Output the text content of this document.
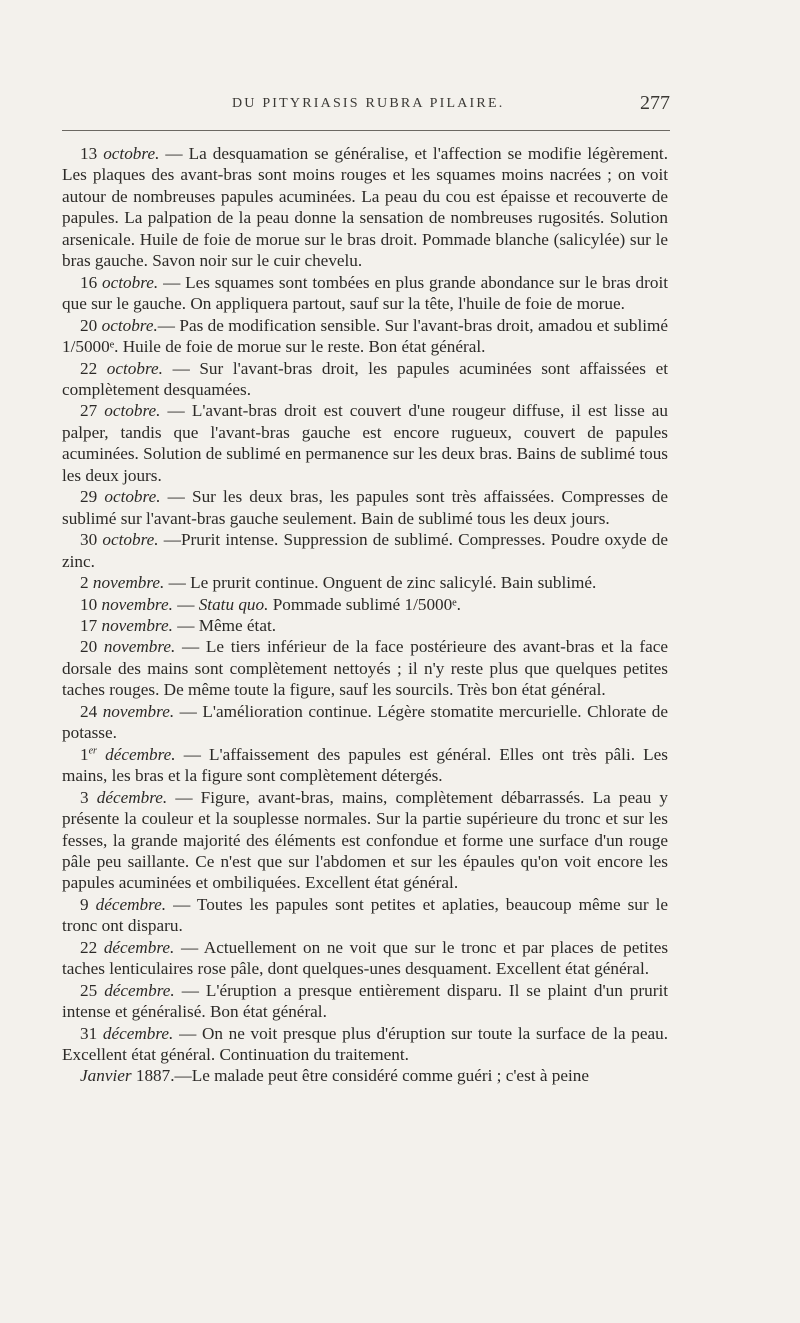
DU PITYRIASIS RUBRA PILAIRE.	277

13 octobre. — La desquamation se généralise, et l'affection se modifie légèrement. Les plaques des avant-bras sont moins rouges et les squames moins nacrées ; on voit autour de nombreuses papules acuminées. La peau du cou est épaisse et recouverte de papules. La palpation de la peau donne la sensation de nombreuses rugosités. Solution arsenicale. Huile de foie de morue sur le bras droit. Pommade blanche (salicylée) sur le bras gauche. Savon noir sur le cuir chevelu.

16 octobre. — Les squames sont tombées en plus grande abondance sur le bras droit que sur le gauche. On appliquera partout, sauf sur la tête, l'huile de foie de morue.

20 octobre.— Pas de modification sensible. Sur l'avant-bras droit, amadou et sublimé 1/5000ᵉ. Huile de foie de morue sur le reste. Bon état général.

22 octobre. — Sur l'avant-bras droit, les papules acuminées sont affaissées et complètement desquamées.

27 octobre. — L'avant-bras droit est couvert d'une rougeur diffuse, il est lisse au palper, tandis que l'avant-bras gauche est encore rugueux, couvert de papules acuminées. Solution de sublimé en permanence sur les deux bras. Bains de sublimé tous les deux jours.

29 octobre. — Sur les deux bras, les papules sont très affaissées. Compresses de sublimé sur l'avant-bras gauche seulement. Bain de sublimé tous les deux jours.

30 octobre. —Prurit intense. Suppression de sublimé. Compresses. Poudre oxyde de zinc.

2 novembre. — Le prurit continue. Onguent de zinc salicylé. Bain sublimé.

10 novembre. — Statu quo. Pommade sublimé 1/5000ᵉ.

17 novembre. — Même état.

20 novembre. — Le tiers inférieur de la face postérieure des avant-bras et la face dorsale des mains sont complètement nettoyés ; il n'y reste plus que quelques petites taches rouges. De même toute la figure, sauf les sourcils. Très bon état général.

24 novembre. — L'amélioration continue. Légère stomatite mercurielle. Chlorate de potasse.

1er décembre. — L'affaissement des papules est général. Elles ont très pâli. Les mains, les bras et la figure sont complètement détergés.

3 décembre. — Figure, avant-bras, mains, complètement débarrassés. La peau y présente la couleur et la souplesse normales. Sur la partie supérieure du tronc et sur les fesses, la grande majorité des éléments est confondue et forme une surface d'un rouge pâle peu saillante. Ce n'est que sur l'abdomen et sur les épaules qu'on voit encore les papules acuminées et ombiliquées. Excellent état général.

9 décembre. — Toutes les papules sont petites et aplaties, beaucoup même sur le tronc ont disparu.

22 décembre. — Actuellement on ne voit que sur le tronc et par places de petites taches lenticulaires rose pâle, dont quelques-unes desquament. Excellent état général.

25 décembre. — L'éruption a presque entièrement disparu. Il se plaint d'un prurit intense et généralisé. Bon état général.

31 décembre. — On ne voit presque plus d'éruption sur toute la surface de la peau. Excellent état général. Continuation du traitement.

Janvier 1887.—Le malade peut être considéré comme guéri ; c'est à peine
